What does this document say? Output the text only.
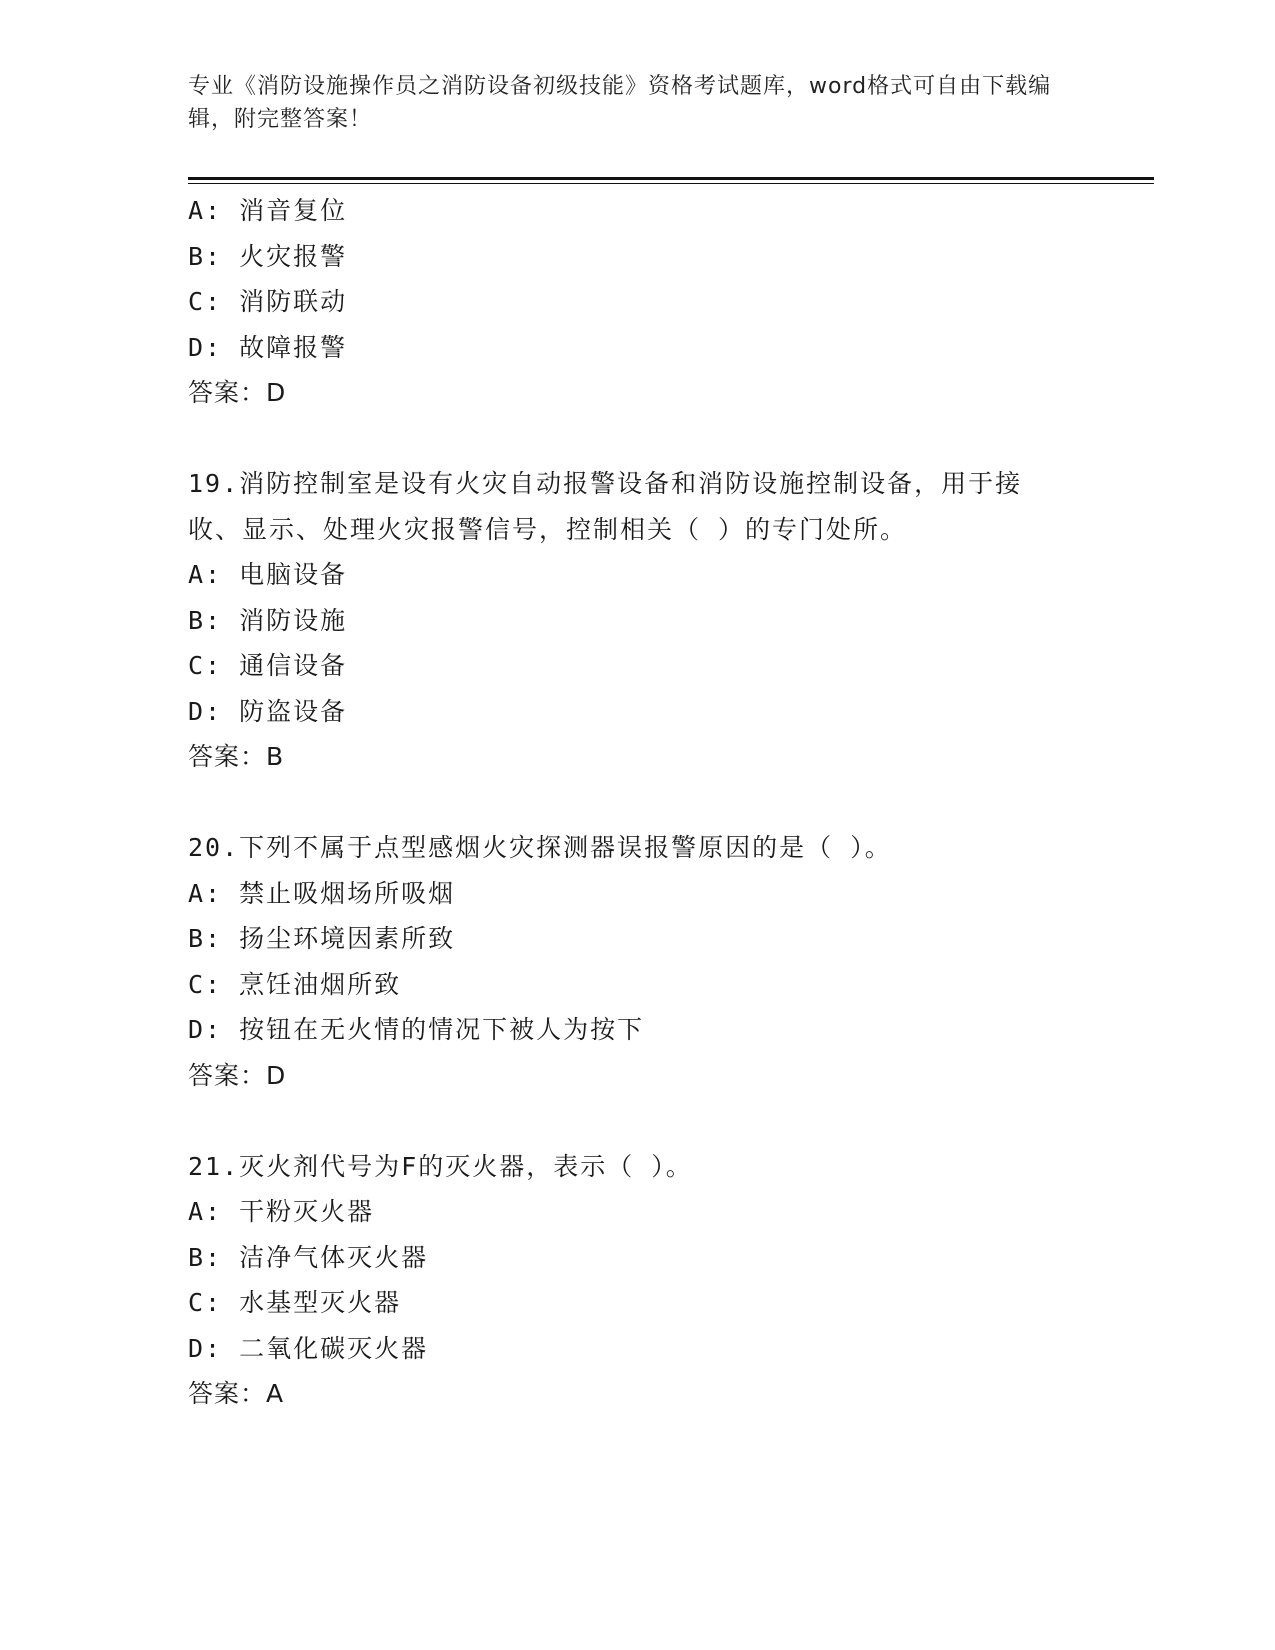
专业《消防设施操作员之消防设备初级技能》资格考试题库，word格式可自由下载编辑，附完整答案！
A: 消音复位
B: 火灾报警
C: 消防联动
D: 故障报警
答案：D
19.消防控制室是设有火灾自动报警设备和消防设施控制设备，用于接
收、显示、处理火灾报警信号，控制相关（ ）的专门处所。
A: 电脑设备
B: 消防设施
C: 通信设备
D: 防盗设备
答案：B
20.下列不属于点型感烟火灾探测器误报警原因的是（ ）。
A: 禁止吸烟场所吸烟
B: 扬尘环境因素所致
C: 烹饪油烟所致
D: 按钮在无火情的情况下被人为按下
答案：D
21.灭火剂代号为F的灭火器，表示（ ）。
A: 干粉灭火器
B: 洁净气体灭火器
C: 水基型灭火器
D: 二氧化碳灭火器
答案：A
